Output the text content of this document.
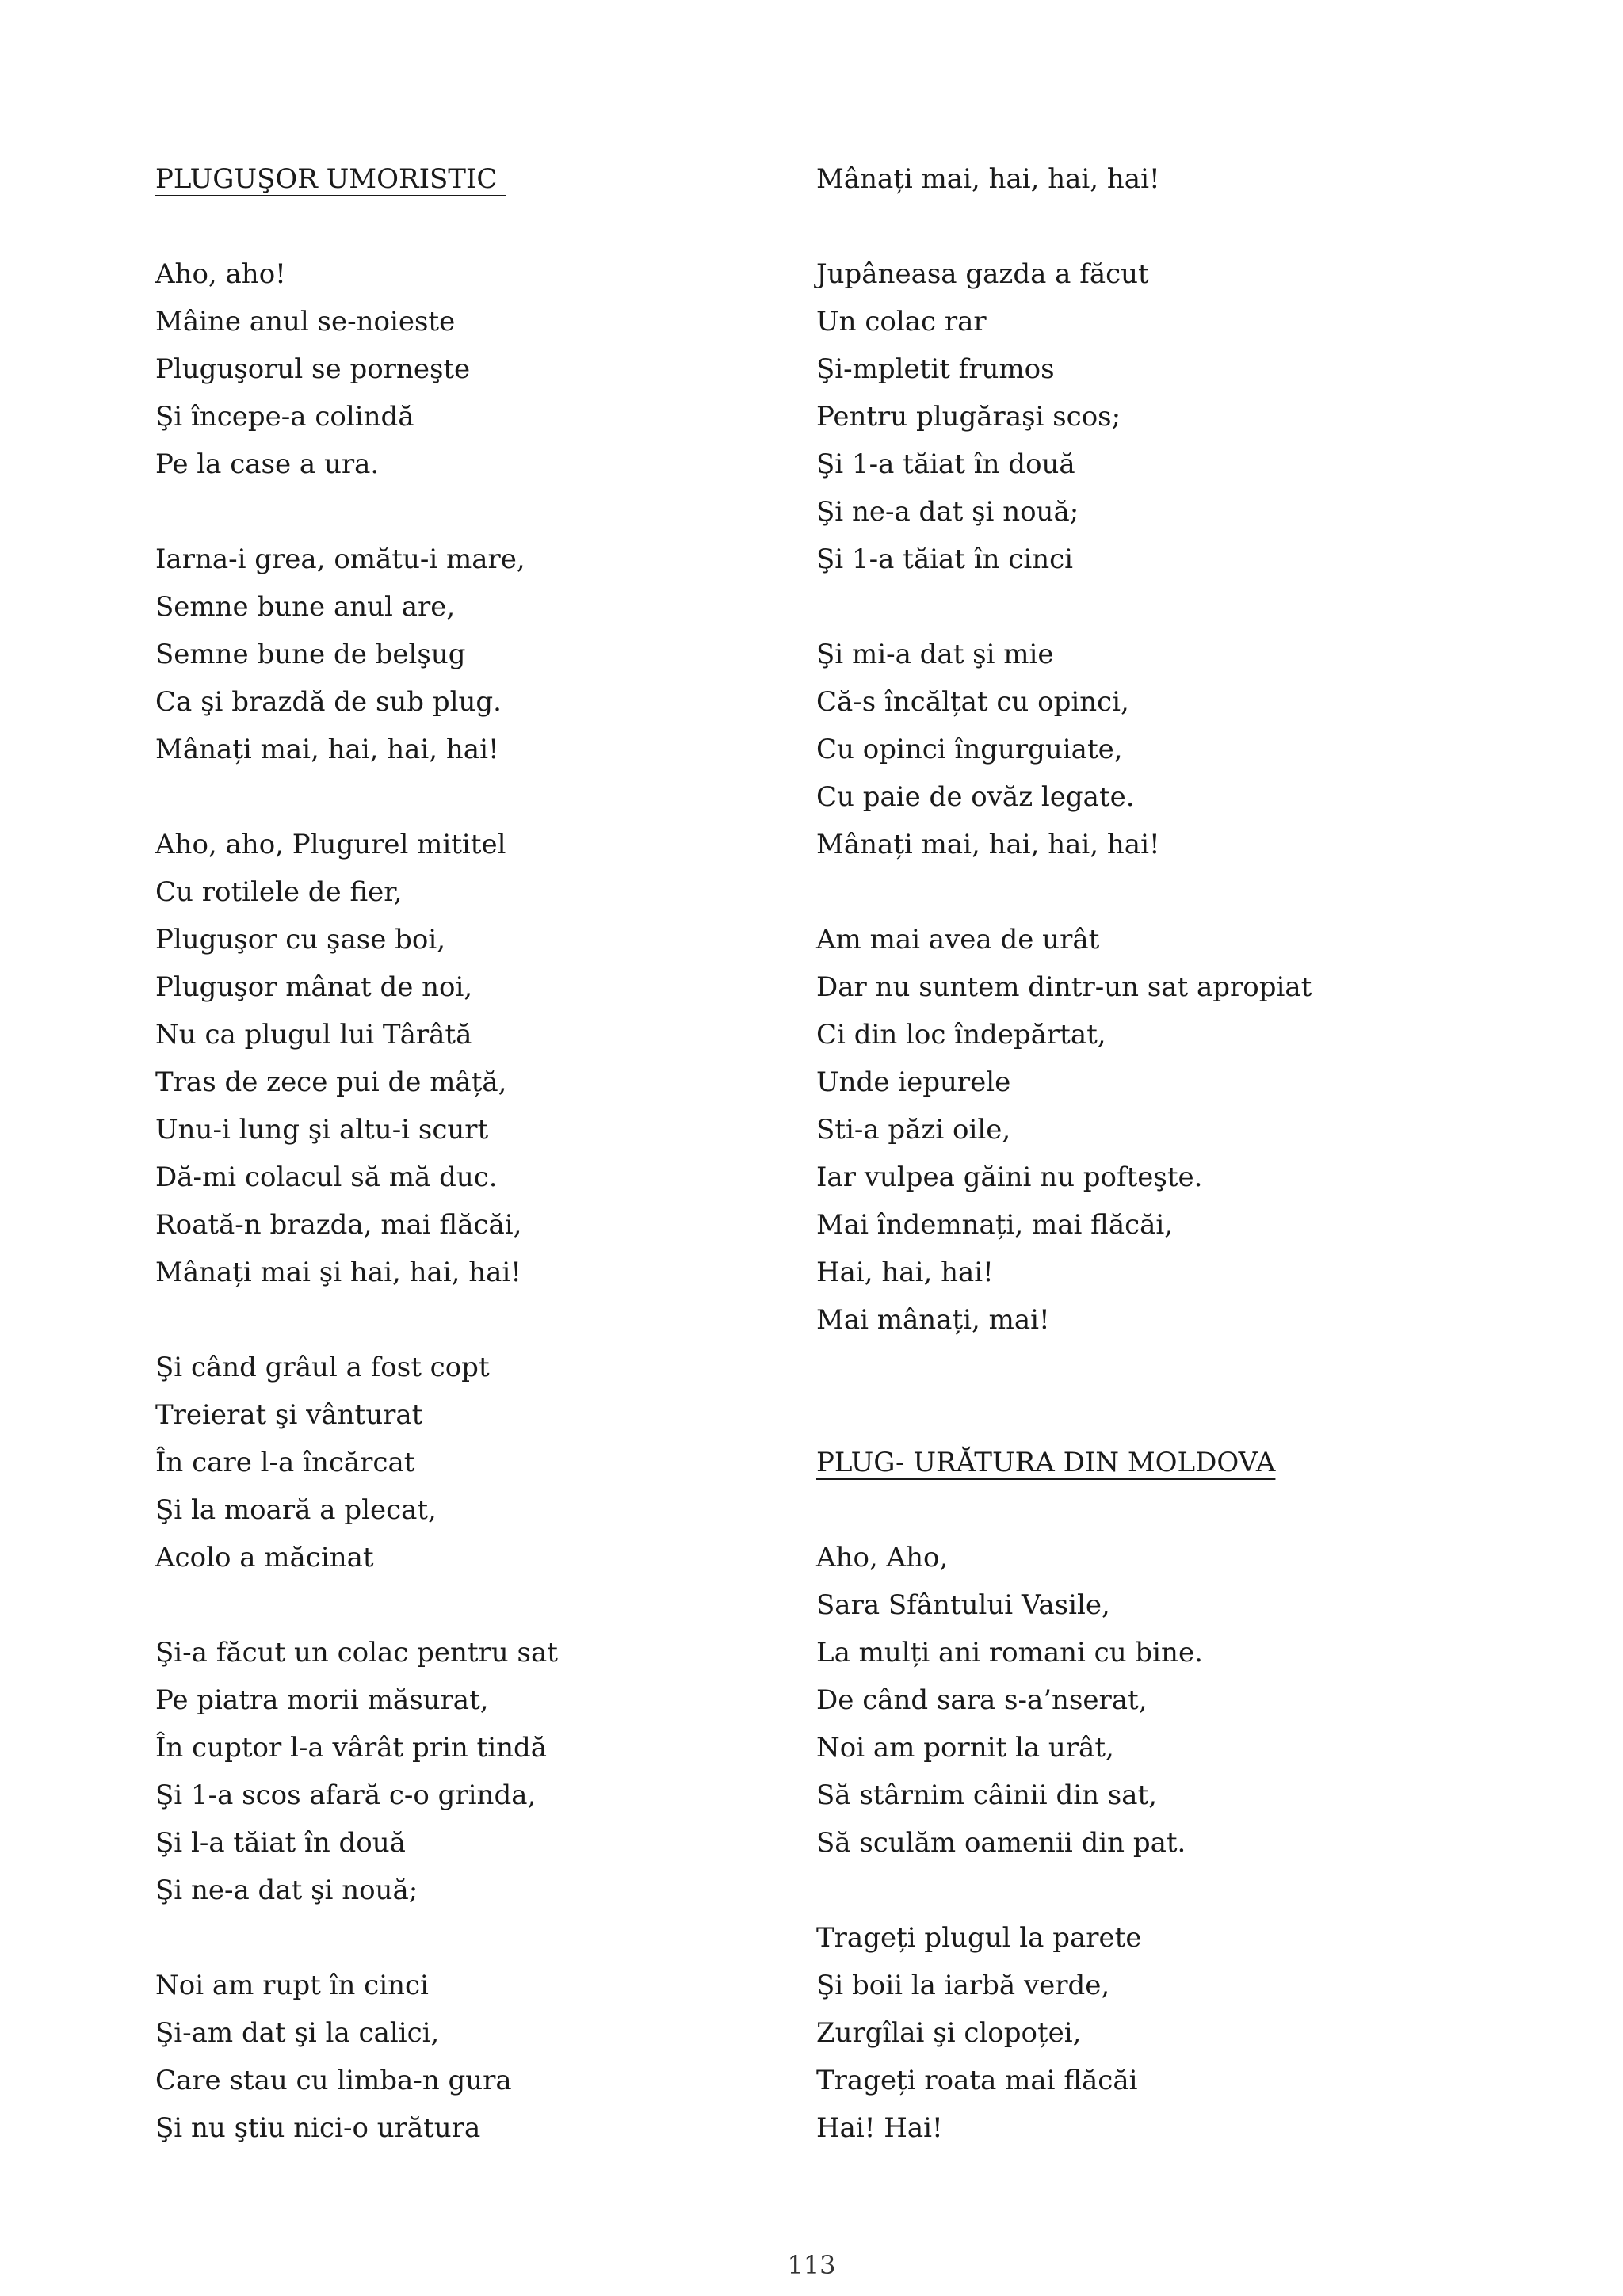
PLUGUŞOR UMORISTIC
Aho, aho!
Mâine anul se-noieste
Pluguşorul se porneşte
Şi începe-a colindă
Pe la case a ura.
Iarna-i grea, omătu-i mare,
Semne bune anul are,
Semne bune de belşug
Ca şi brazdă de sub plug.
Mânați mai, hai, hai, hai!
Aho, aho, Plugurel mititel
Cu rotilele de fier,
Pluguşor cu şase boi,
Pluguşor mânat de noi,
Nu ca plugul lui Târâtă
Tras de zece pui de mâță,
Unu-i lung şi altu-i scurt
Dă-mi colacul să mă duc.
Roată-n brazda, mai flăcăi,
Mânați mai şi hai, hai, hai!
Şi când grâul a fost copt
Treierat şi vânturat
În care l-a încărcat
Şi la moară a plecat,
Acolo a măcinat
Şi-a făcut un colac pentru sat
Pe piatra morii măsurat,
În cuptor l-a vârât prin tindă
Şi 1-a scos afară c-o grinda,
Şi l-a tăiat în două
Şi ne-a dat şi nouă;
Noi am rupt în cinci
Şi-am dat şi la calici,
Care stau cu limba-n gura
Şi nu ştiu nici-o urătura
Mânați mai, hai, hai, hai!
Jupâneasa gazda a făcut
Un colac rar
Şi-mpletit frumos
Pentru plugăraşi scos;
Şi 1-a tăiat în două
Şi ne-a dat şi nouă;
Şi 1-a tăiat în cinci
Şi mi-a dat şi mie
Că-s încălțat cu opinci,
Cu opinci îngurguiate,
Cu paie de ovăz legate.
Mânați mai, hai, hai, hai!
Am mai avea de urât
Dar nu suntem dintr-un sat apropiat
Ci din loc îndepărtat,
Unde iepurele
Sti-a păzi oile,
Iar vulpea găini nu pofteşte.
Mai îndemnați, mai flăcăi,
Hai, hai, hai!
Mai mânați, mai!
PLUG- URĂTURA DIN MOLDOVA
Aho, Aho,
Sara Sfântului Vasile,
La mulți ani romani cu bine.
De când sara s-a’nserat,
Noi am pornit la urât,
Să stârnim câinii din sat,
Să sculăm oamenii din pat.
Trageți plugul la parete
Şi boii la iarbă verde,
Zurgîlai şi clopoței,
Trageți roata mai flăcăi
Hai! Hai!
113
